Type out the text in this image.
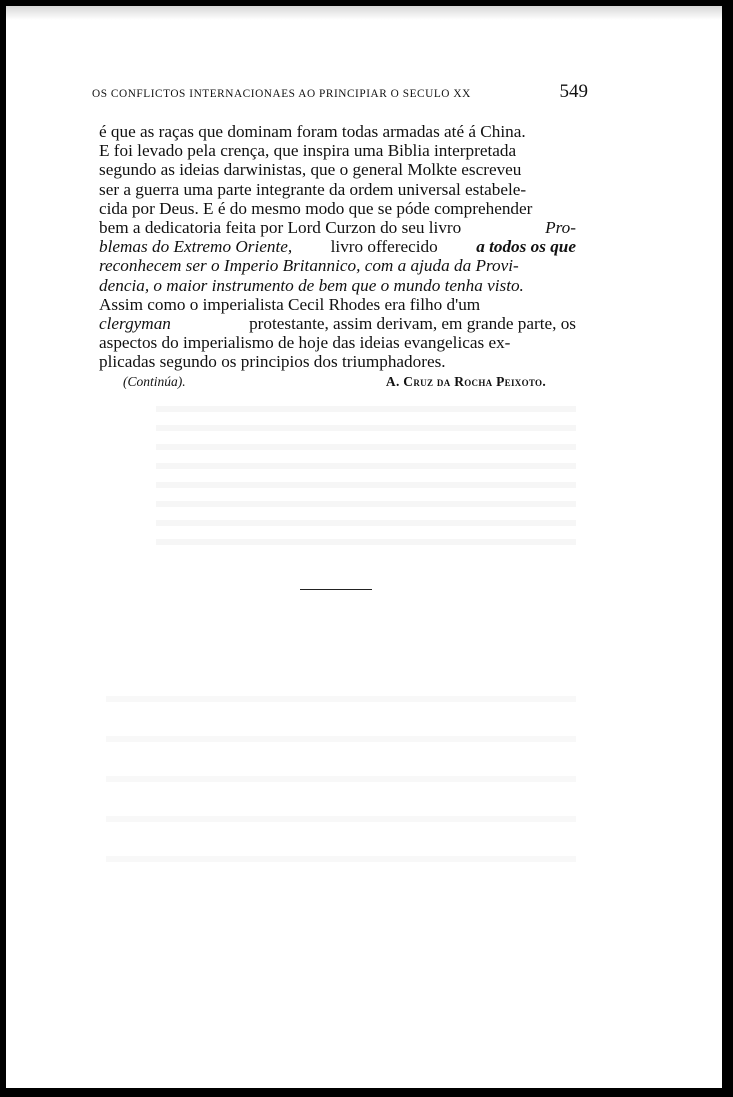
OS CONFLICTOS INTERNACIONAES AO PRINCIPIAR O SECULO XX	549
é que as raças que dominam foram todas armadas até á China.
E foi levado pela crença, que inspira uma Biblia interpretada
segundo as ideias darwinistas, que o general Molkte escreveu
ser a guerra uma parte integrante da ordem universal estabele-
cida por Deus. E é do mesmo modo que se póde comprehender
bem a dedicatoria feita por Lord Curzon do seu livro	Pro-
blemas do Extremo Oriente, livro offerecido a todos os que
reconhecem ser o Imperio Britannico, com a ajuda da Provi-
dencia, o maior instrumento de bem que o mundo tenha visto.
Assim como o imperialista Cecil Rhodes era filho d'um
clergyman	protestante, assim derivam, em grande parte, os
aspectos do imperialismo de hoje das ideias evangelicas ex-
plicadas segundo os principios dos triumphadores.
(Continúa).	A. Cruz da Rocha Peixoto.
